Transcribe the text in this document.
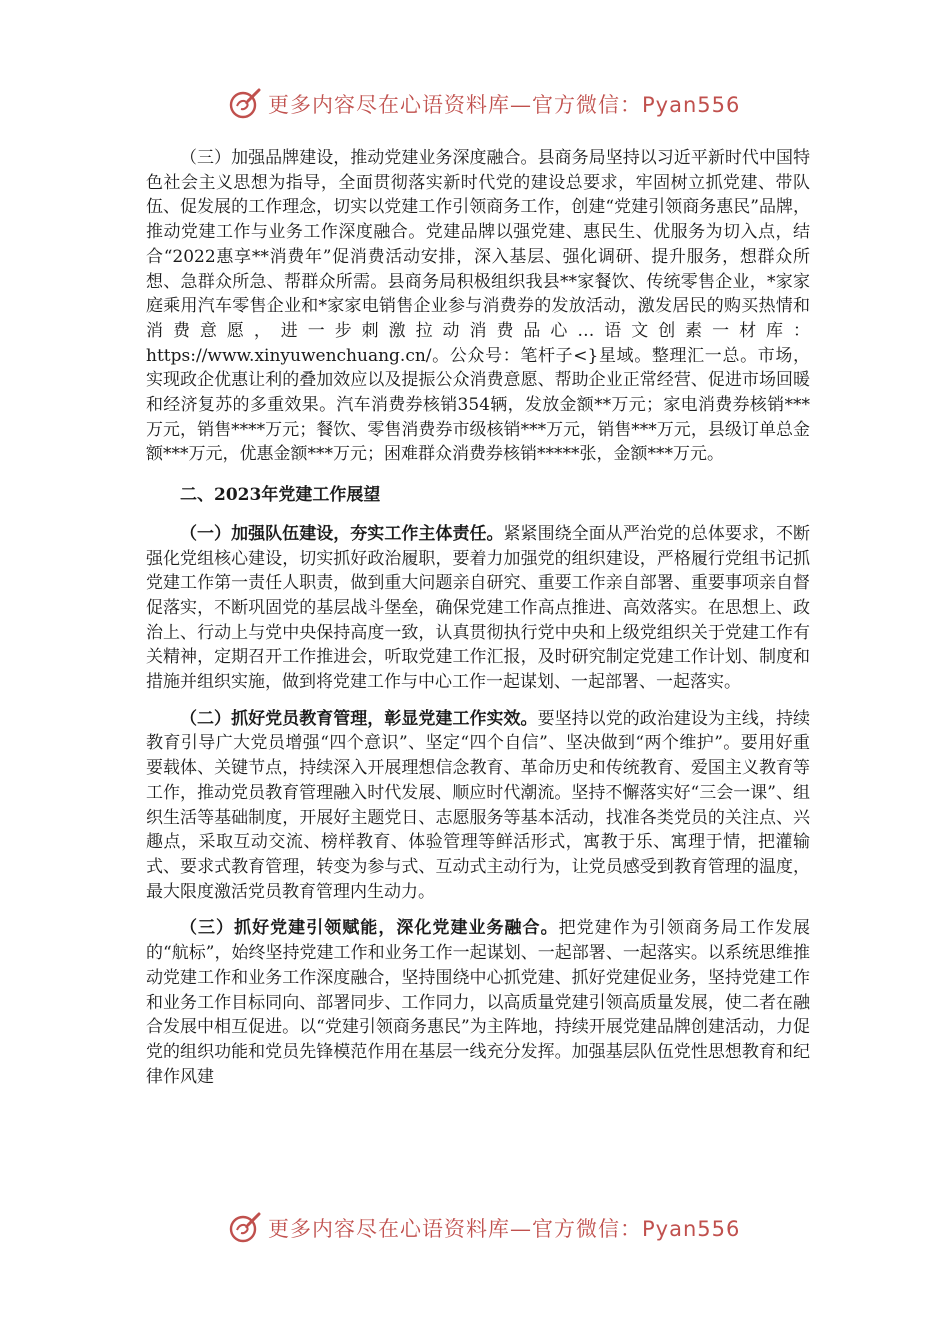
更多内容尽在心语资料库—官方微信：Pyan556

（三）加强品牌建设，推动党建业务深度融合。县商务局坚持以习近平新时代中国特色社会主义思想为指导，全面贯彻落实新时代党的建设总要求，牢固树立抓党建、带队伍、促发展的工作理念，切实以党建工作引领商务工作，创建“党建引领商务惠民”品牌，推动党建工作与业务工作深度融合。党建品牌以强党建、惠民生、优服务为切入点，结合“2022惠享**消费年”促消费活动安排，深入基层、强化调研、提升服务，想群众所想、急群众所急、帮群众所需。县商务局积极组织我县**家餐饮、传统零售企业，*家家庭乘用汽车零售企业和*家家电销售企业参与消费券的发放活动，激发居民的购买热情和消费意愿，进一步刺激拉动消费品心…语文创素一材库：https://www.xinyuwenchuang.cn/。公众号：笔杆子<}星域。整理汇一总。市场，实现政企优惠让利的叠加效应以及提振公众消费意愿、帮助企业正常经营、促进市场回暖和经济复苏的多重效果。汽车消费券核销354辆，发放金额**万元；家电消费券核销***万元，销售****万元；餐饮、零售消费券市级核销***万元，销售***万元，县级订单总金额***万元，优惠金额***万元；困难群众消费券核销*****张，金额***万元。

二、2023年党建工作展望

（一）加强队伍建设，夯实工作主体责任。紧紧围绕全面从严治党的总体要求，不断强化党组核心建设，切实抓好政治履职，要着力加强党的组织建设，严格履行党组书记抓党建工作第一责任人职责，做到重大问题亲自研究、重要工作亲自部署、重要事项亲自督促落实，不断巩固党的基层战斗堡垒，确保党建工作高点推进、高效落实。在思想上、政治上、行动上与党中央保持高度一致，认真贯彻执行党中央和上级党组织关于党建工作有关精神，定期召开工作推进会，听取党建工作汇报，及时研究制定党建工作计划、制度和措施并组织实施，做到将党建工作与中心工作一起谋划、一起部署、一起落实。

（二）抓好党员教育管理，彰显党建工作实效。要坚持以党的政治建设为主线，持续教育引导广大党员增强“四个意识”、坚定“四个自信”、坚决做到“两个维护”。要用好重要载体、关键节点，持续深入开展理想信念教育、革命历史和传统教育、爱国主义教育等工作，推动党员教育管理融入时代发展、顺应时代潮流。坚持不懈落实好“三会一课”、组织生活等基础制度，开展好主题党日、志愿服务等基本活动，找准各类党员的关注点、兴趣点，采取互动交流、榜样教育、体验管理等鲜活形式，寓教于乐、寓理于情，把灌输式、要求式教育管理，转变为参与式、互动式主动行为，让党员感受到教育管理的温度，最大限度激活党员教育管理内生动力。

（三）抓好党建引领赋能，深化党建业务融合。把党建作为引领商务局工作发展的“航标”，始终坚持党建工作和业务工作一起谋划、一起部署、一起落实。以系统思维推动党建工作和业务工作深度融合，坚持围绕中心抓党建、抓好党建促业务，坚持党建工作和业务工作目标同向、部署同步、工作同力，以高质量党建引领高质量发展，使二者在融合发展中相互促进。以“党建引领商务惠民”为主阵地，持续开展党建品牌创建活动，力促党的组织功能和党员先锋模范作用在基层一线充分发挥。加强基层队伍党性思想教育和纪律作风建

更多内容尽在心语资料库—官方微信：Pyan556
